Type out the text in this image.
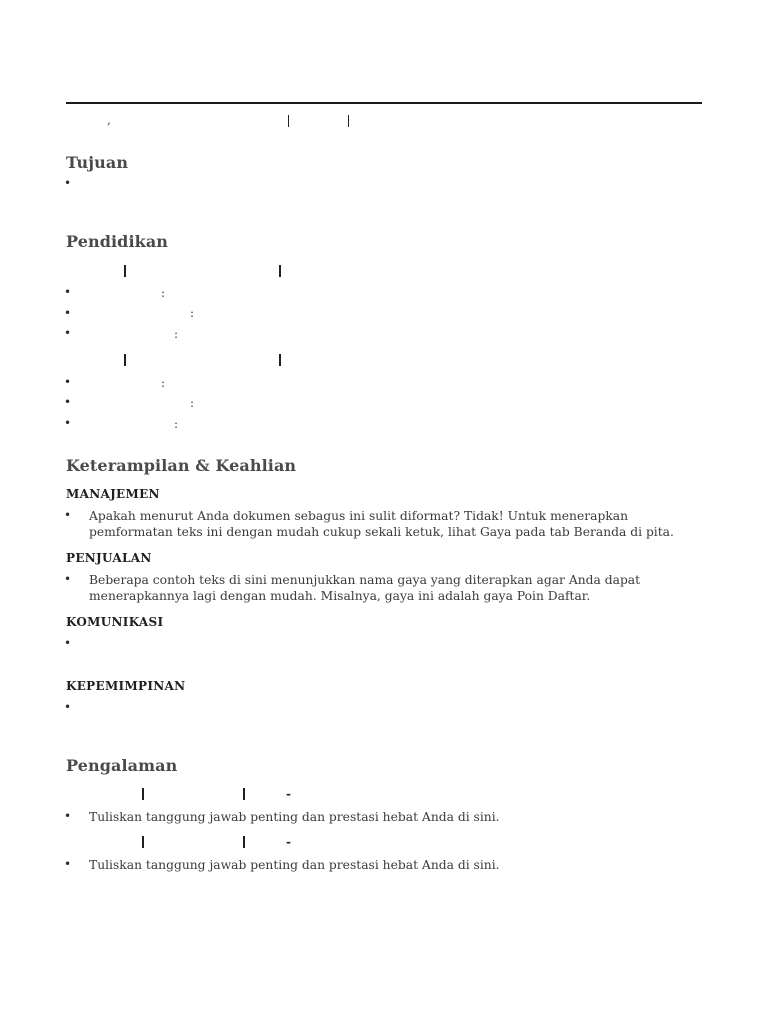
,
Tujuan
•
Pendidikan
•	:
•	:
•	:
•	:
•	:
•	:
Keterampilan & Keahlian
MANAJEMEN
• Apakah menurut Anda dokumen sebagus ini sulit diformat? Tidak! Untuk menerapkan pemformatan teks ini dengan mudah cukup sekali ketuk, lihat Gaya pada tab Beranda di pita.
PENJUALAN
• Beberapa contoh teks di sini menunjukkan nama gaya yang diterapkan agar Anda dapat menerapkannya lagi dengan mudah. Misalnya, gaya ini adalah gaya Poin Daftar.
KOMUNIKASI
•
KEPEMIMPINAN
•
Pengalaman
-
• Tuliskan tanggung jawab penting dan prestasi hebat Anda di sini.
-
• Tuliskan tanggung jawab penting dan prestasi hebat Anda di sini.
